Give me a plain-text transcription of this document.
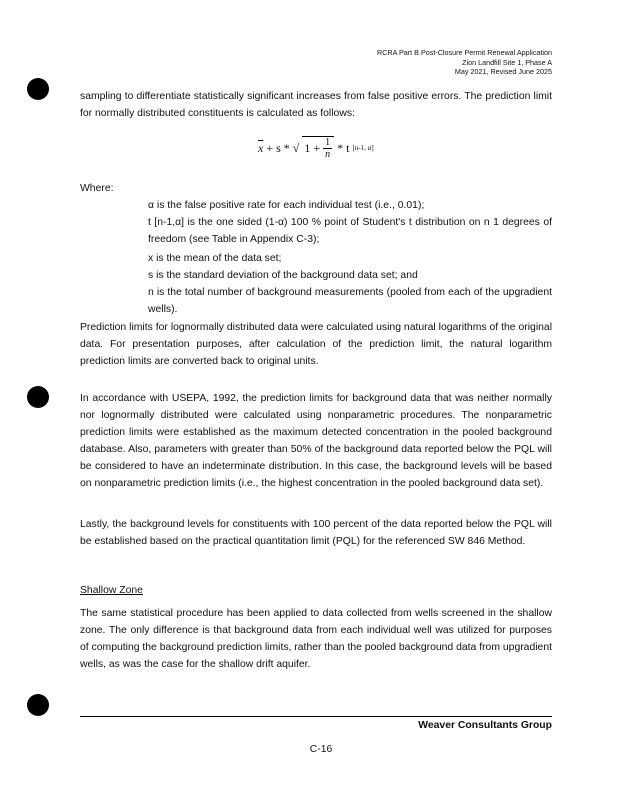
RCRA Part B Post-Closure Permit Renewal Application
Zion Landfill Site 1, Phase A
May 2021, Revised June 2025
sampling to differentiate statistically significant increases from false positive errors. The prediction limit for normally distributed constituents is calculated as follows:
$\overline{x} + s$ * √ $1 + \frac{1}{n} * t$ [n-1, α]
Where:
α is the false positive rate for each individual test (i.e., 0.01);
t [n-1,α] is the one sided (1-α) 100 % point of Student's t distribution on n 1 degrees of freedom (see Table in Appendix C-3);
x is the mean of the data set;
s is the standard deviation of the background data set; and
n is the total number of background measurements (pooled from each of the upgradient wells).
Prediction limits for lognormally distributed data were calculated using natural logarithms of the original data. For presentation purposes, after calculation of the prediction limit, the natural logarithm prediction limits are converted back to original units.
In accordance with USEPA, 1992, the prediction limits for background data that was neither normally nor lognormally distributed were calculated using nonparametric procedures. The nonparametric prediction limits were established as the maximum detected concentration in the pooled background database. Also, parameters with greater than 50% of the background data reported below the PQL will be considered to have an indeterminate distribution. In this case, the background levels will be based on nonparametric prediction limits (i.e., the highest concentration in the pooled background data set).
Lastly, the background levels for constituents with 100 percent of the data reported below the PQL will be established based on the practical quantitation limit (PQL) for the referenced SW 846 Method.
Shallow Zone
The same statistical procedure has been applied to data collected from wells screened in the shallow zone. The only difference is that background data from each individual well was utilized for purposes of computing the background prediction limits, rather than the pooled background data from upgradient wells, as was the case for the shallow drift aquifer.
Weaver Consultants Group
C-16
